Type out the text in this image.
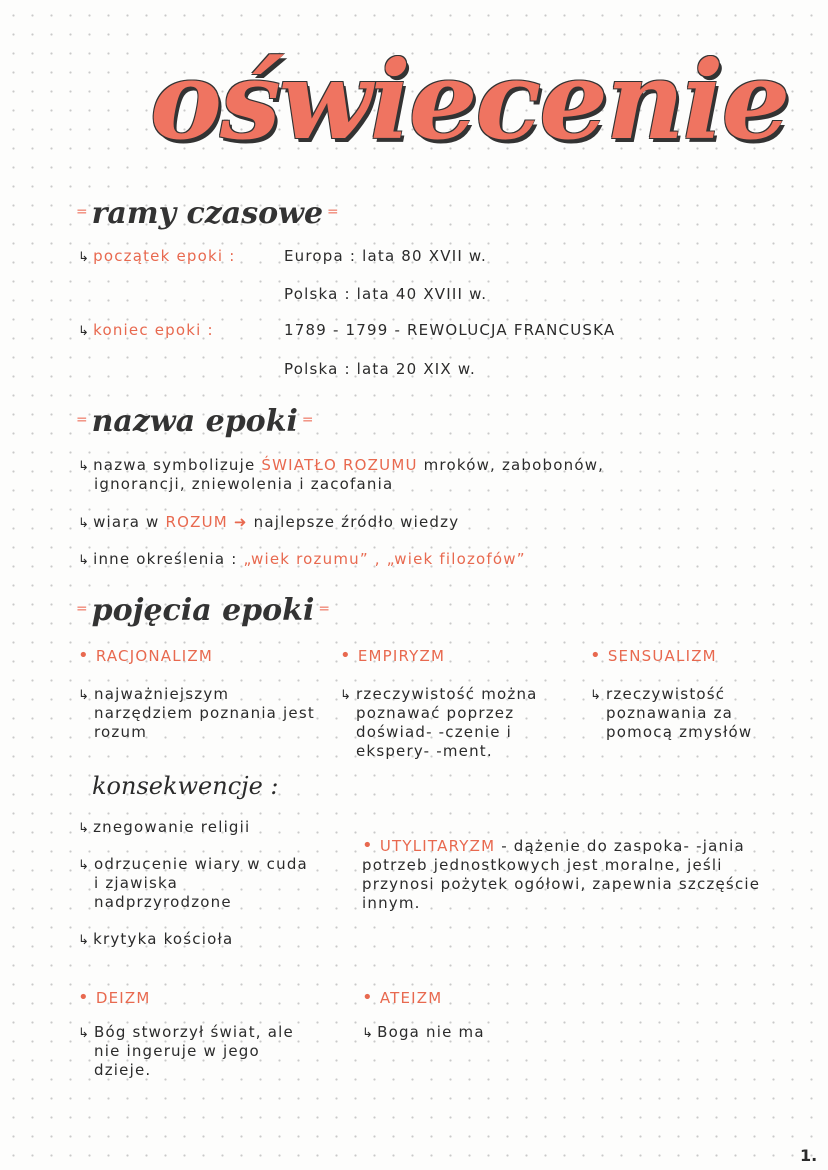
oświecenie
⁼ ramy czasowe ⁼
↳ początek epoki :	Europa : lata 80 XVII w.
Polska : lata 40 XVIII w.
↳ koniec epoki :	1789 - 1799 - REWOLUCJA FRANCUSKA
Polska : lata 20 XIX w.
⁼ nazwa epoki ⁼
↳ nazwa symbolizuje ŚWIATŁO ROZUMU mroków, zabobonów,
ignorancji, zniewolenia i zacofania
↳ wiara w ROZUM ➜ najlepsze źródło wiedzy
↳ inne określenia : „wiek rozumu” , „wiek filozofów”
⁼ pojęcia epoki ⁼
• RACJONALIZM
↳ najważniejszym narzędziem poznania jest rozum
• EMPIRYZM
↳ rzeczywistość można poznawać poprzez doświad- -czenie i ekspery- -ment.
• SENSUALIZM
↳ rzeczywistość poznawania za pomocą zmysłów
konsekwencje :
↳ znegowanie religii
↳ odrzucenie wiary w cuda i zjawiska nadprzyrodzone
↳ krytyka kościoła
• UTYLITARYZM - dążenie do zaspoka- -jania potrzeb jednostkowych jest moralne, jeśli przynosi pożytek ogółowi, zapewnia szczęście innym.
• DEIZM
↳ Bóg stworzył świat, ale nie ingeruje w jego dzieje.
• ATEIZM
↳ Boga nie ma
1.
